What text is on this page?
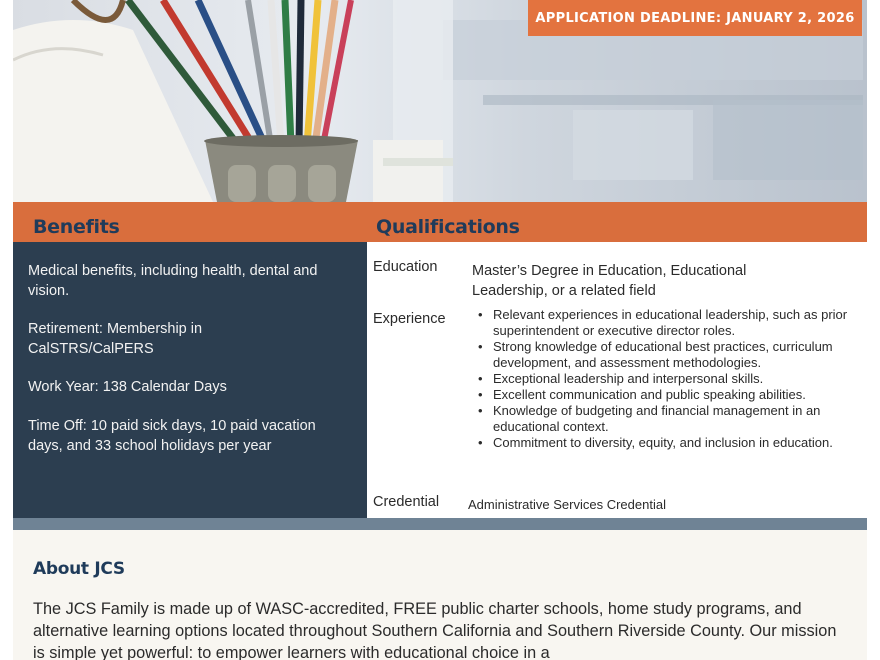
APPLICATION DEADLINE: JANUARY 2, 2026
Benefits	Qualifications
Medical benefits, including health, dental and vision.
Retirement: Membership in CalSTRS/CalPERS
Work Year: 138 Calendar Days
Time Off: 10 paid sick days, 10 paid vacation days, and 33 school holidays per year
Education Master’s Degree in Education, Educational Leadership, or a related field
Experience
•	Relevant experiences in educational leadership, such as prior superintendent or executive director roles.
• Strong knowledge of educational best practices, curriculum development, and assessment methodologies.
• Exceptional leadership and interpersonal skills.
• Excellent communication and public speaking abilities.
• Knowledge of budgeting and financial management in an educational context.
• Commitment to diversity, equity, and inclusion in education.
Credential Administrative Services Credential
About JCS
The JCS Family is made up of WASC-accredited, FREE public charter schools, home study programs, and alternative learning options located throughout Southern California and Southern Riverside County. Our mission is simple yet powerful: to empower learners with educational choice in a
